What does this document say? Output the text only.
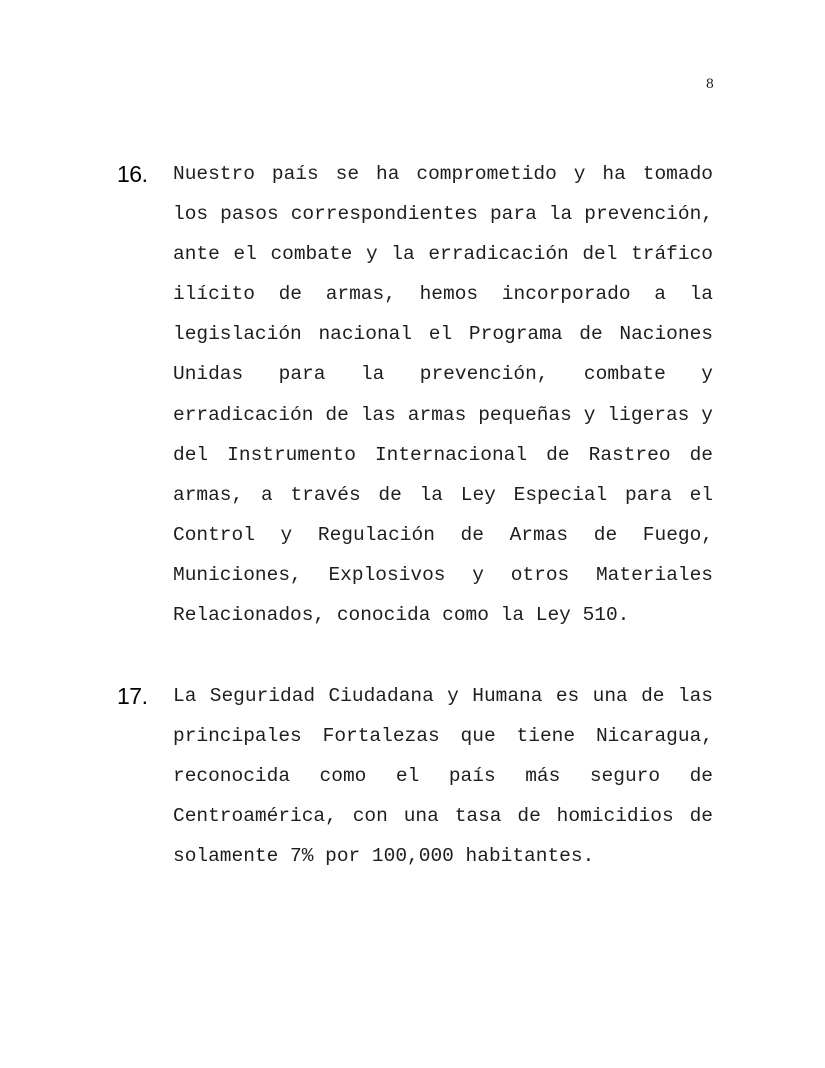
8
16. Nuestro país se ha comprometido y ha tomado los pasos correspondientes para la prevención, ante el combate y la erradicación del tráfico ilícito de armas, hemos incorporado a la legislación nacional el Programa de Naciones Unidas para la prevención, combate y erradicación de las armas pequeñas y ligeras y del Instrumento Internacional de Rastreo de armas, a través de la Ley Especial para el Control y Regulación de Armas de Fuego, Municiones, Explosivos y otros Materiales Relacionados, conocida como la Ley 510.
17. La Seguridad Ciudadana y Humana es una de las principales Fortalezas que tiene Nicaragua, reconocida como el país más seguro de Centroamérica, con una tasa de homicidios de solamente 7% por 100,000 habitantes.
